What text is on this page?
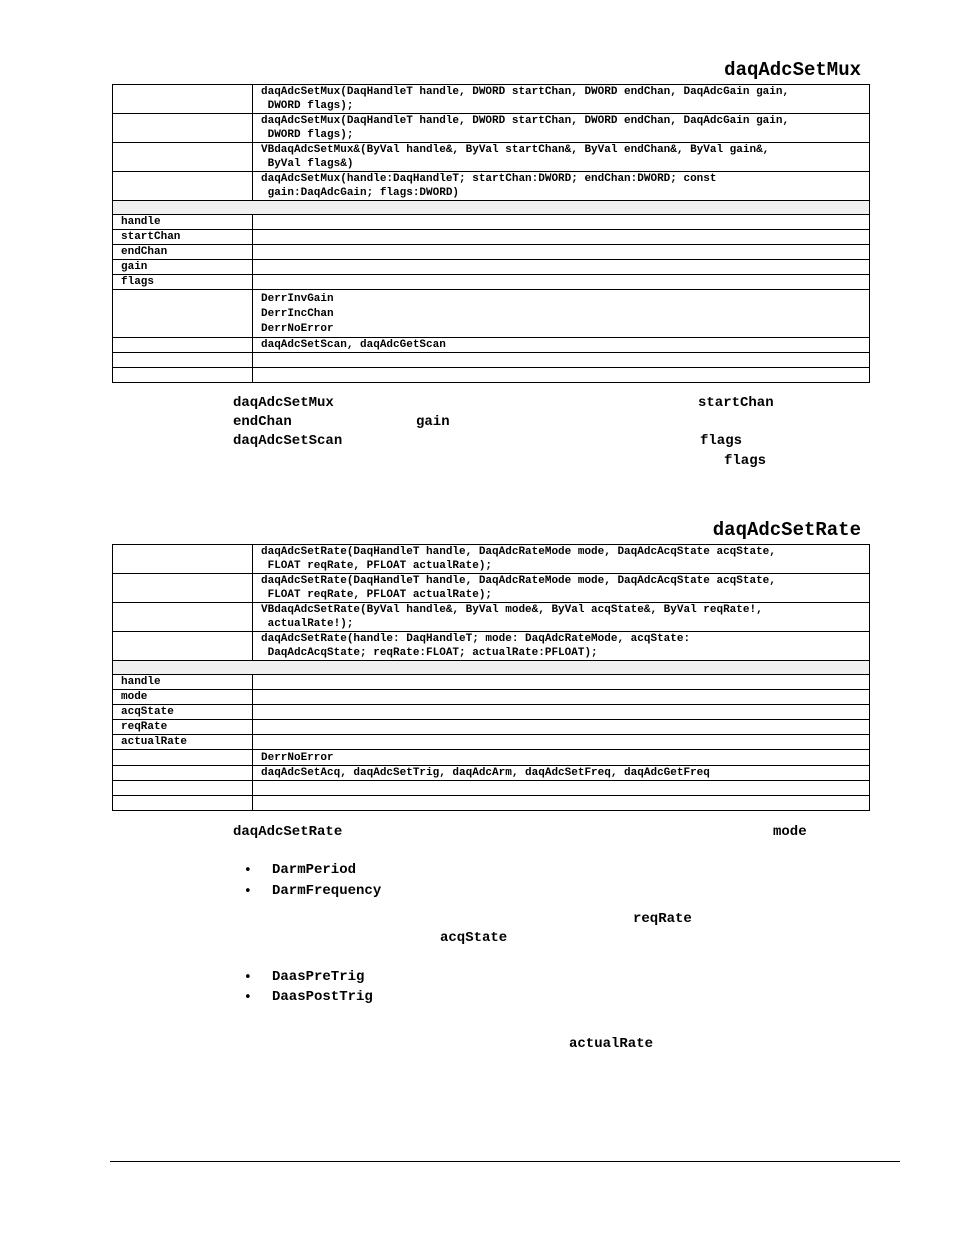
daqAdcSetMux

	daqAdcSetMux(DaqHandleT handle, DWORD startChan, DWORD endChan, DaqAdcGain gain,
DWORD flags);

	daqAdcSetMux(DaqHandleT handle, DWORD startChan, DWORD endChan, DaqAdcGain gain,
DWORD flags);

	VBdaqAdcSetMux&(ByVal handle&, ByVal startChan&, ByVal endChan&, ByVal gain&,
ByVal flags&)

	daqAdcSetMux(handle:DaqHandleT; startChan:DWORD; endChan:DWORD; const
gain:DaqAdcGain; flags:DWORD)

handle	
startChan	
endChan	
gain	
flags	

	DerrInvGain
DerrIncChan
DerrNoError

	daqAdcSetScan, daqAdcGetScan

daqAdcSetMux	startChan
endChan	gain
daqAdcSetScan	flags
flags
daqAdcSetRate

	daqAdcSetRate(DaqHandleT handle, DaqAdcRateMode mode, DaqAdcAcqState acqState,
FLOAT reqRate, PFLOAT actualRate);

	daqAdcSetRate(DaqHandleT handle, DaqAdcRateMode mode, DaqAdcAcqState acqState,
FLOAT reqRate, PFLOAT actualRate);

	VBdaqAdcSetRate(ByVal handle&, ByVal mode&, ByVal acqState&, ByVal reqRate!,
actualRate!);

	daqAdcSetRate(handle: DaqHandleT; mode: DaqAdcRateMode, acqState:
DaqAdcAcqState; reqRate:FLOAT; actualRate:PFLOAT);

handle	
mode	
acqState	
reqRate	
actualRate	
	DerrNoError
	daqAdcSetAcq, daqAdcSetTrig, daqAdcArm, daqAdcSetFreq, daqAdcGetFreq

daqAdcSetRate	mode
• DarmPeriod
• DarmFrequency
reqRate
acqState
• DaasPreTrig
• DaasPostTrig
actualRate
